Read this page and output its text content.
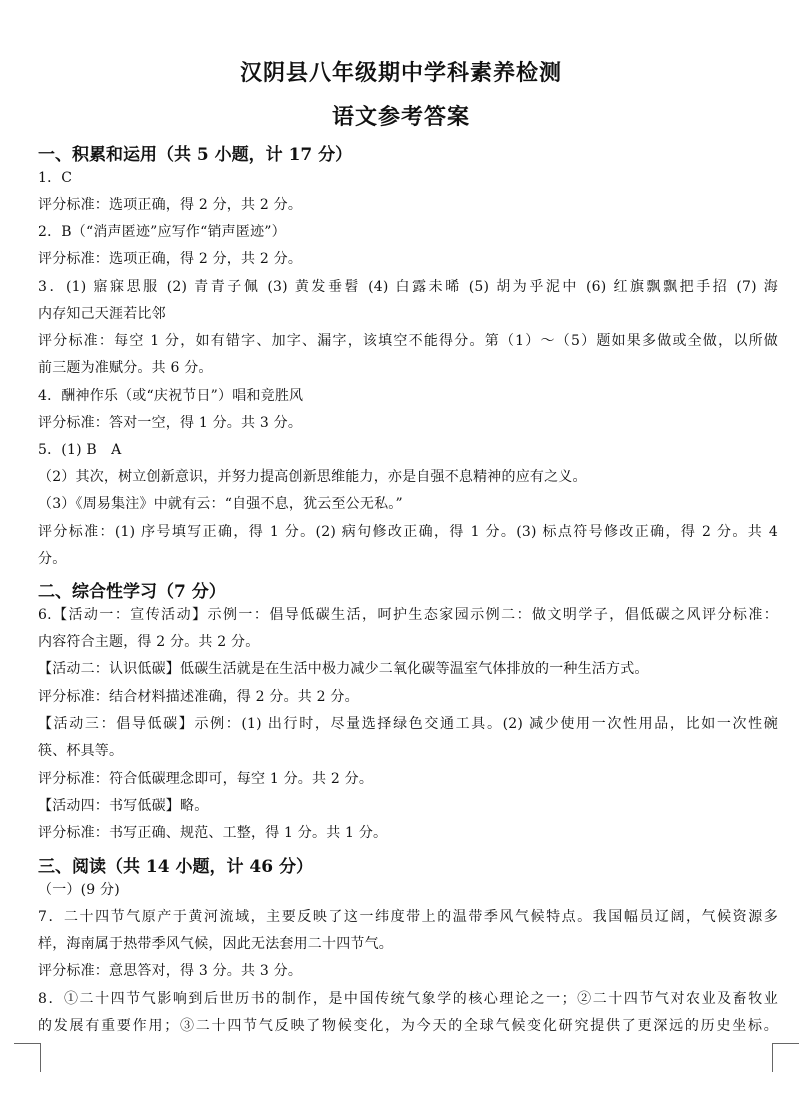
汉阴县八年级期中学科素养检测
语文参考答案
一、积累和运用（共 5 小题，计 17 分）
1．C
评分标准：选项正确，得 2 分，共 2 分。
2．B（“消声匿迹”应写作“销声匿迹”）
评分标准：选项正确，得 2 分，共 2 分。
3．(1) 寤寐思服 (2) 青青子佩 (3) 黄发垂髫 (4) 白露未晞 (5) 胡为乎泥中 (6) 红旗飘飘把手招 (7) 海
内存知己天涯若比邻
评分标准：每空 1 分，如有错字、加字、漏字，该填空不能得分。第（1）～（5）题如果多做或全做，以所做
前三题为准赋分。共 6 分。
4．酬神作乐（或“庆祝节日”）唱和竞胜风
评分标准：答对一空，得 1 分。共 3 分。
5．(1) B　A
（2）其次，树立创新意识，并努力提高创新思维能力，亦是自强不息精神的应有之义。
（3）《周易集注》中就有云：“自强不息，犹云至公无私。”
评分标准：(1) 序号填写正确，得 1 分。(2) 病句修改正确，得 1 分。(3) 标点符号修改正确，得 2 分。共 4
分。
二、综合性学习（7 分）
6.【活动一：宣传活动】示例一：倡导低碳生活，呵护生态家园示例二：做文明学子，倡低碳之风评分标准：
内容符合主题，得 2 分。共 2 分。
【活动二：认识低碳】低碳生活就是在生活中极力减少二氧化碳等温室气体排放的一种生活方式。
评分标准：结合材料描述准确，得 2 分。共 2 分。
【活动三：倡导低碳】示例：(1) 出行时，尽量选择绿色交通工具。(2) 减少使用一次性用品，比如一次性碗
筷、杯具等。
评分标准：符合低碳理念即可，每空 1 分。共 2 分。
【活动四：书写低碳】略。
评分标准：书写正确、规范、工整，得 1 分。共 1 分。
三、阅读（共 14 小题，计 46 分）
（一）(9 分)
7．二十四节气原产于黄河流域，主要反映了这一纬度带上的温带季风气候特点。我国幅员辽阔，气候资源多
样，海南属于热带季风气候，因此无法套用二十四节气。
评分标准：意思答对，得 3 分。共 3 分。
8．①二十四节气影响到后世历书的制作，是中国传统气象学的核心理论之一；②二十四节气对农业及畜牧业
的发展有重要作用；③二十四节气反映了物候变化，为今天的全球气候变化研究提供了更深远的历史坐标。
